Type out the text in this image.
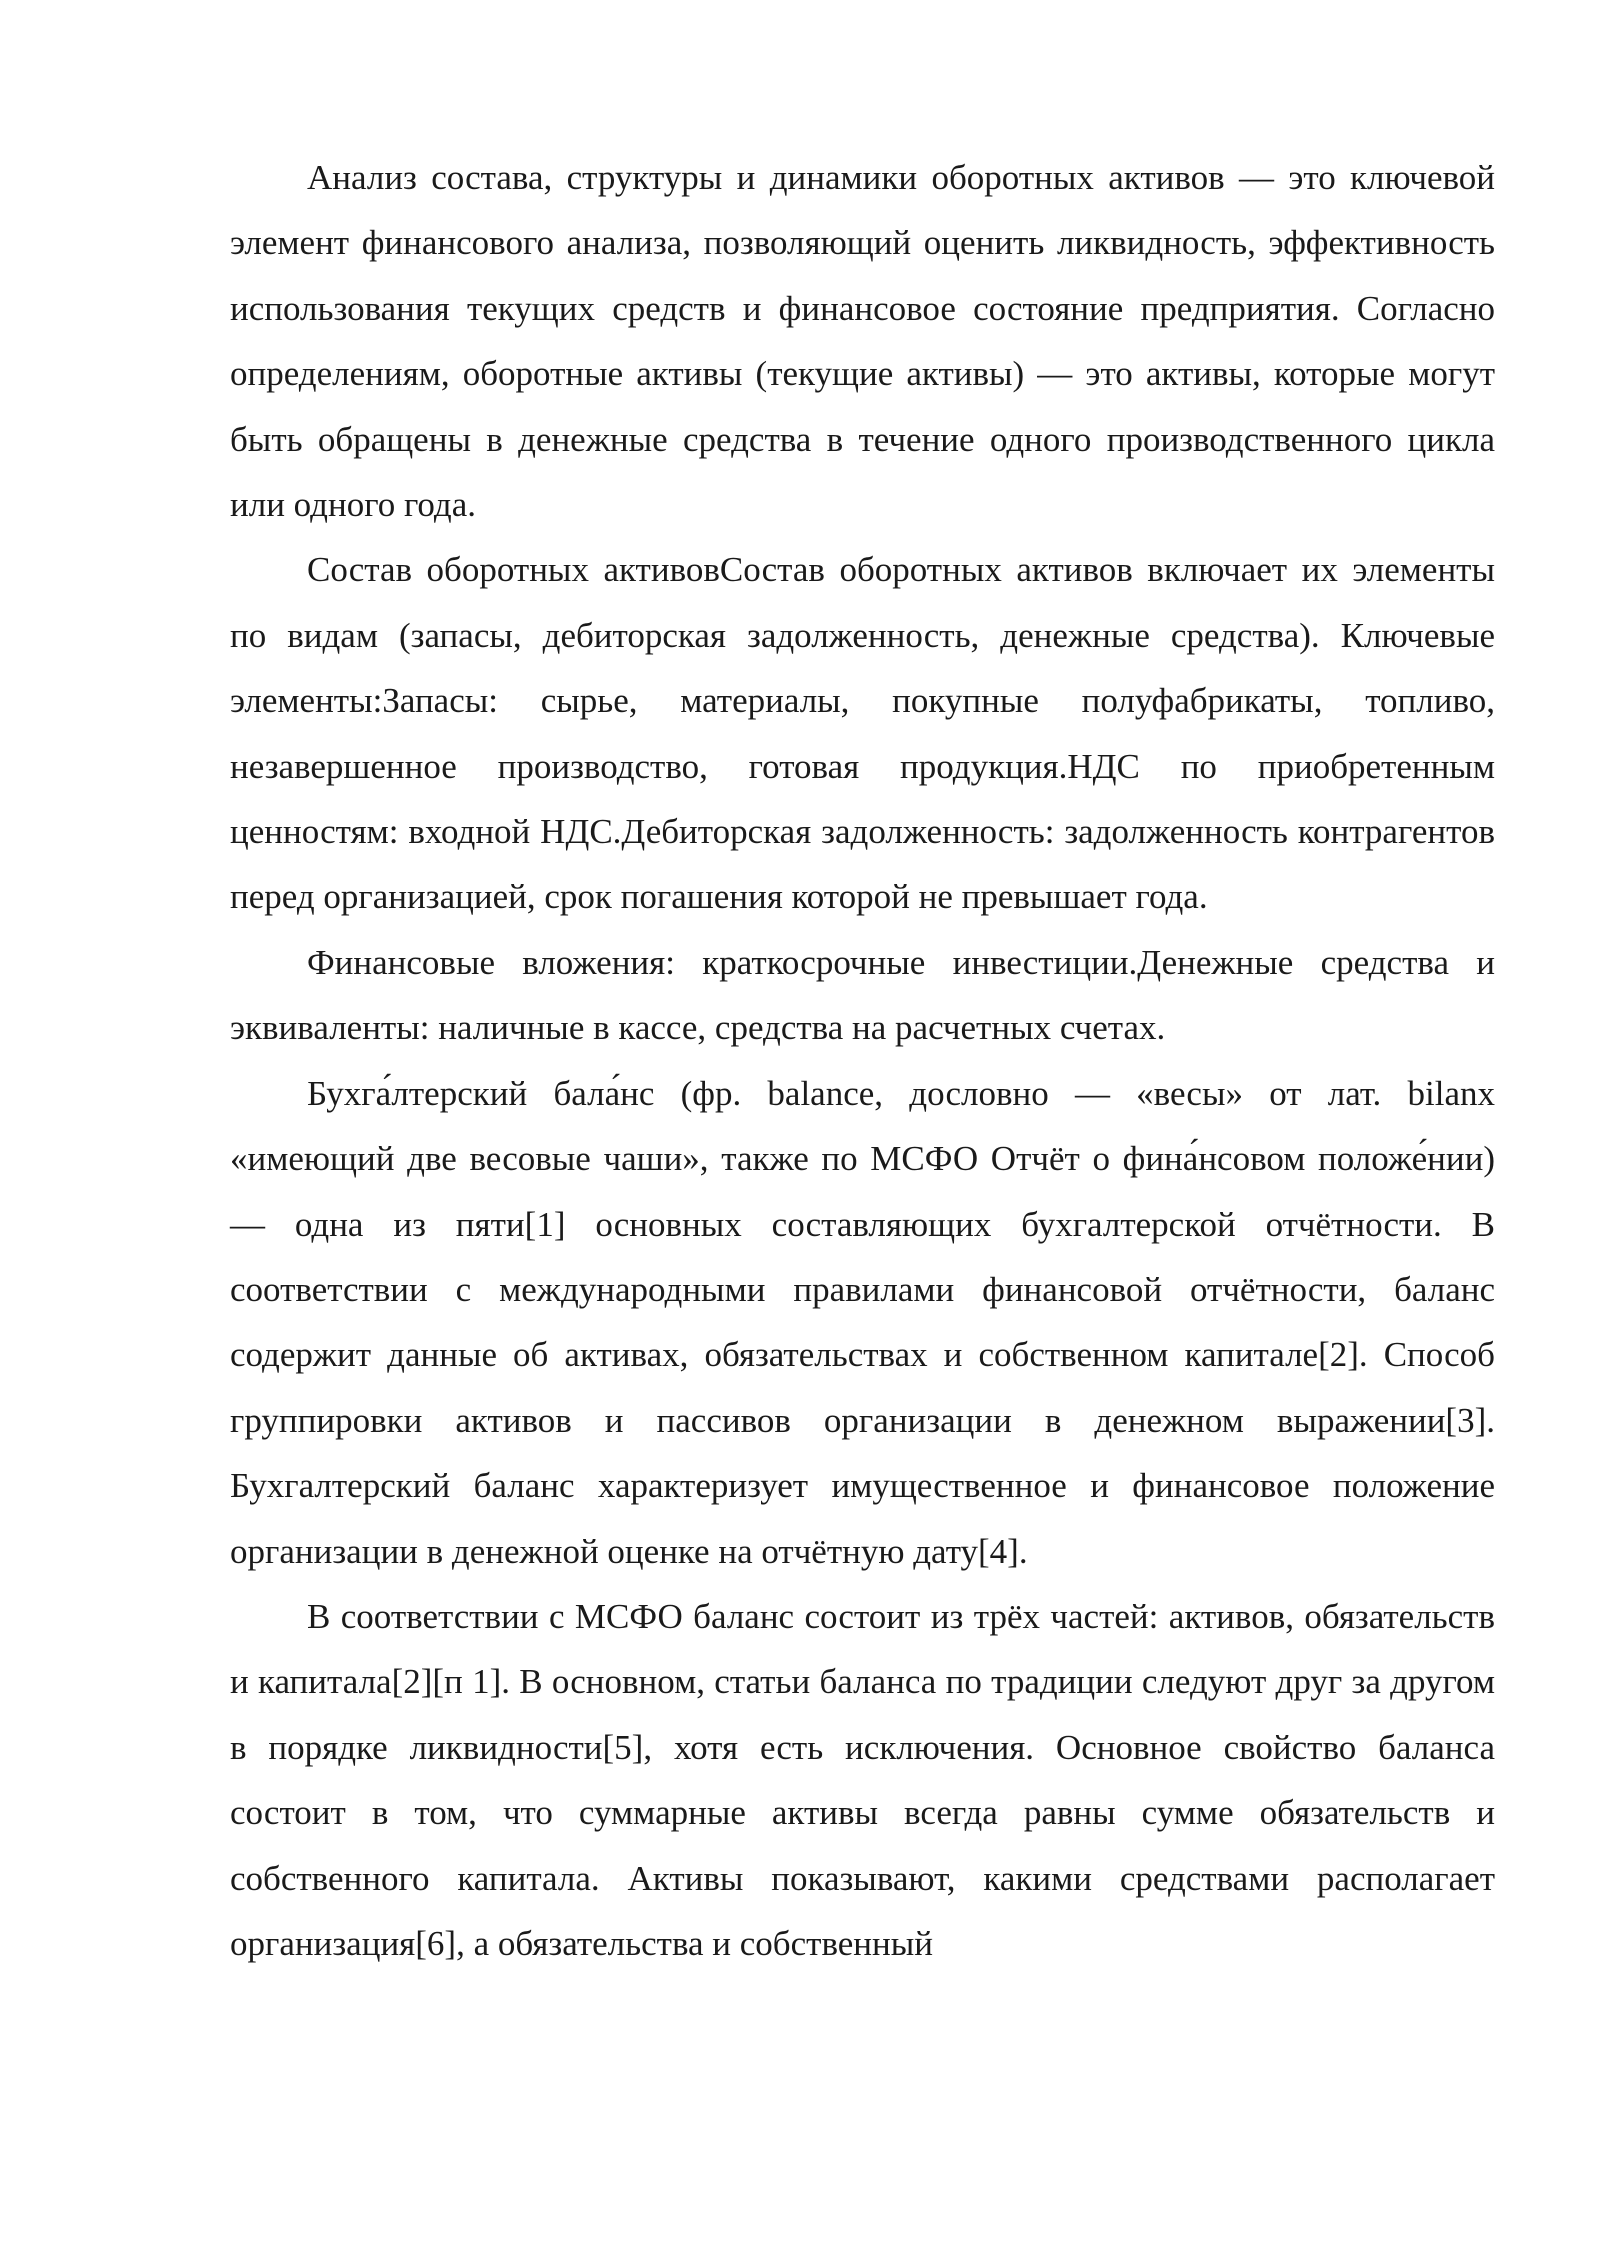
Анализ состава, структуры и динамики оборотных активов — это ключевой элемент финансового анализа, позволяющий оценить ликвидность, эффективность использования текущих средств и финансовое состояние предприятия. Согласно определениям, оборотные активы (текущие активы) — это активы, которые могут быть обращены в денежные средства в течение одного производственного цикла или одного года.

Состав оборотных активовСостав оборотных активов включает их элементы по видам (запасы, дебиторская задолженность, денежные средства). Ключевые элементы:Запасы: сырье, материалы, покупные полуфабрикаты, топливо, незавершенное производство, готовая продукция.НДС по приобретенным ценностям: входной НДС.Дебиторская задолженность: задолженность контрагентов перед организацией, срок погашения которой не превышает года.

Финансовые вложения: краткосрочные инвестиции.Денежные средства и эквиваленты: наличные в кассе, средства на расчетных счетах.

Бухга́лтерский бала́нс (фр. balance, дословно — «весы» от лат. bilanx «имеющий две весовые чаши», также по МСФО Отчёт о фина́нсовом положе́нии) — одна из пяти[1] основных составляющих бухгалтерской отчётности. В соответствии с международными правилами финансовой отчётности, баланс содержит данные об активах, обязательствах и собственном капитале[2]. Способ группировки активов и пассивов организации в денежном выражении[3]. Бухгалтерский баланс характеризует имущественное и финансовое положение организации в денежной оценке на отчётную дату[4].

В соответствии с МСФО баланс состоит из трёх частей: активов, обязательств и капитала[2][п 1]. В основном, статьи баланса по традиции следуют друг за другом в порядке ликвидности[5], хотя есть исключения. Основное свойство баланса состоит в том, что суммарные активы всегда равны сумме обязательств и собственного капитала. Активы показывают, какими средствами располагает организация[6], а обязательства и собственный
